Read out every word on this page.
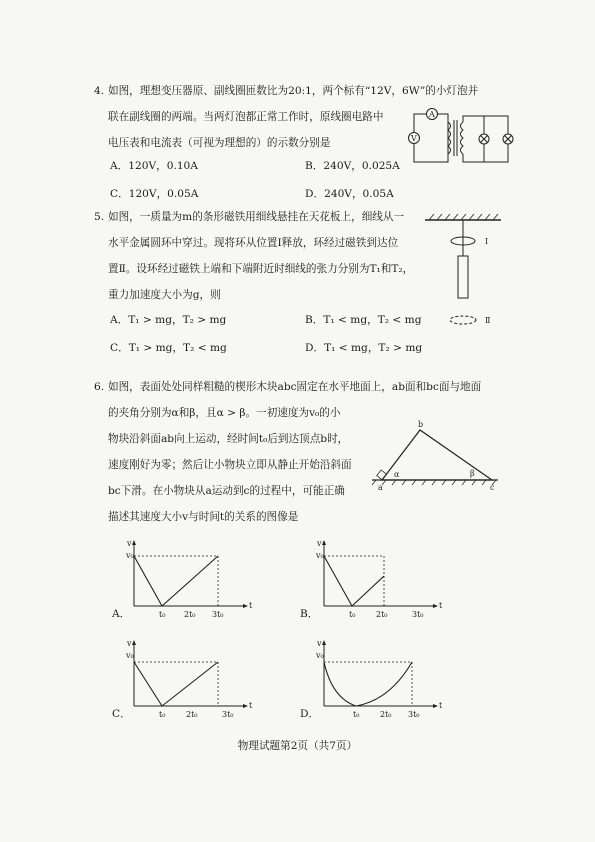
4. 如图，理想变压器原、副线圈匝数比为20:1，两个标有“12V，6W”的小灯泡并
联在副线圈的两端。当两灯泡都正常工作时，原线圈电路中
电压表和电流表（可视为理想的）的示数分别是
A．120V，0.10A	B．240V，0.025A
C．120V，0.05A	D．240V，0.05A
A
V
5. 如图，一质量为m的条形磁铁用细线悬挂在天花板上，细线从一
水平金属圆环中穿过。现将环从位置Ⅰ释放，环经过磁铁到达位
置Ⅱ。设环经过磁铁上端和下端附近时细线的张力分别为T₁和T₂，
重力加速度大小为g，则
A．T₁ > mg，T₂ > mg	B．T₁ < mg，T₂ < mg
C．T₁ > mg，T₂ < mg	D．T₁ < mg，T₂ > mg
Ⅰ
Ⅱ
6. 如图，表面处处同样粗糙的楔形木块abc固定在水平地面上，ab面和bc面与地面
的夹角分别为α和β，且α > β。一初速度为v₀的小
物块沿斜面ab向上运动，经时间t₀后到达顶点b时，
速度刚好为零；然后让小物块立即从静止开始沿斜面
bc下滑。在小物块从a运动到c的过程中，可能正确
描述其速度大小v与时间t的关系的图像是
b
a	c
α	β
A．
v
v₀
t
t₀ 2t₀ 3t₀	B．
v
v₀
t
t₀	2t₀	3t₀
C．
v
v₀
t
t₀	2t₀	3t₀	D．
v
v₀
t
t₀	2t₀ 3t₀
物理试题第2页（共7页）
